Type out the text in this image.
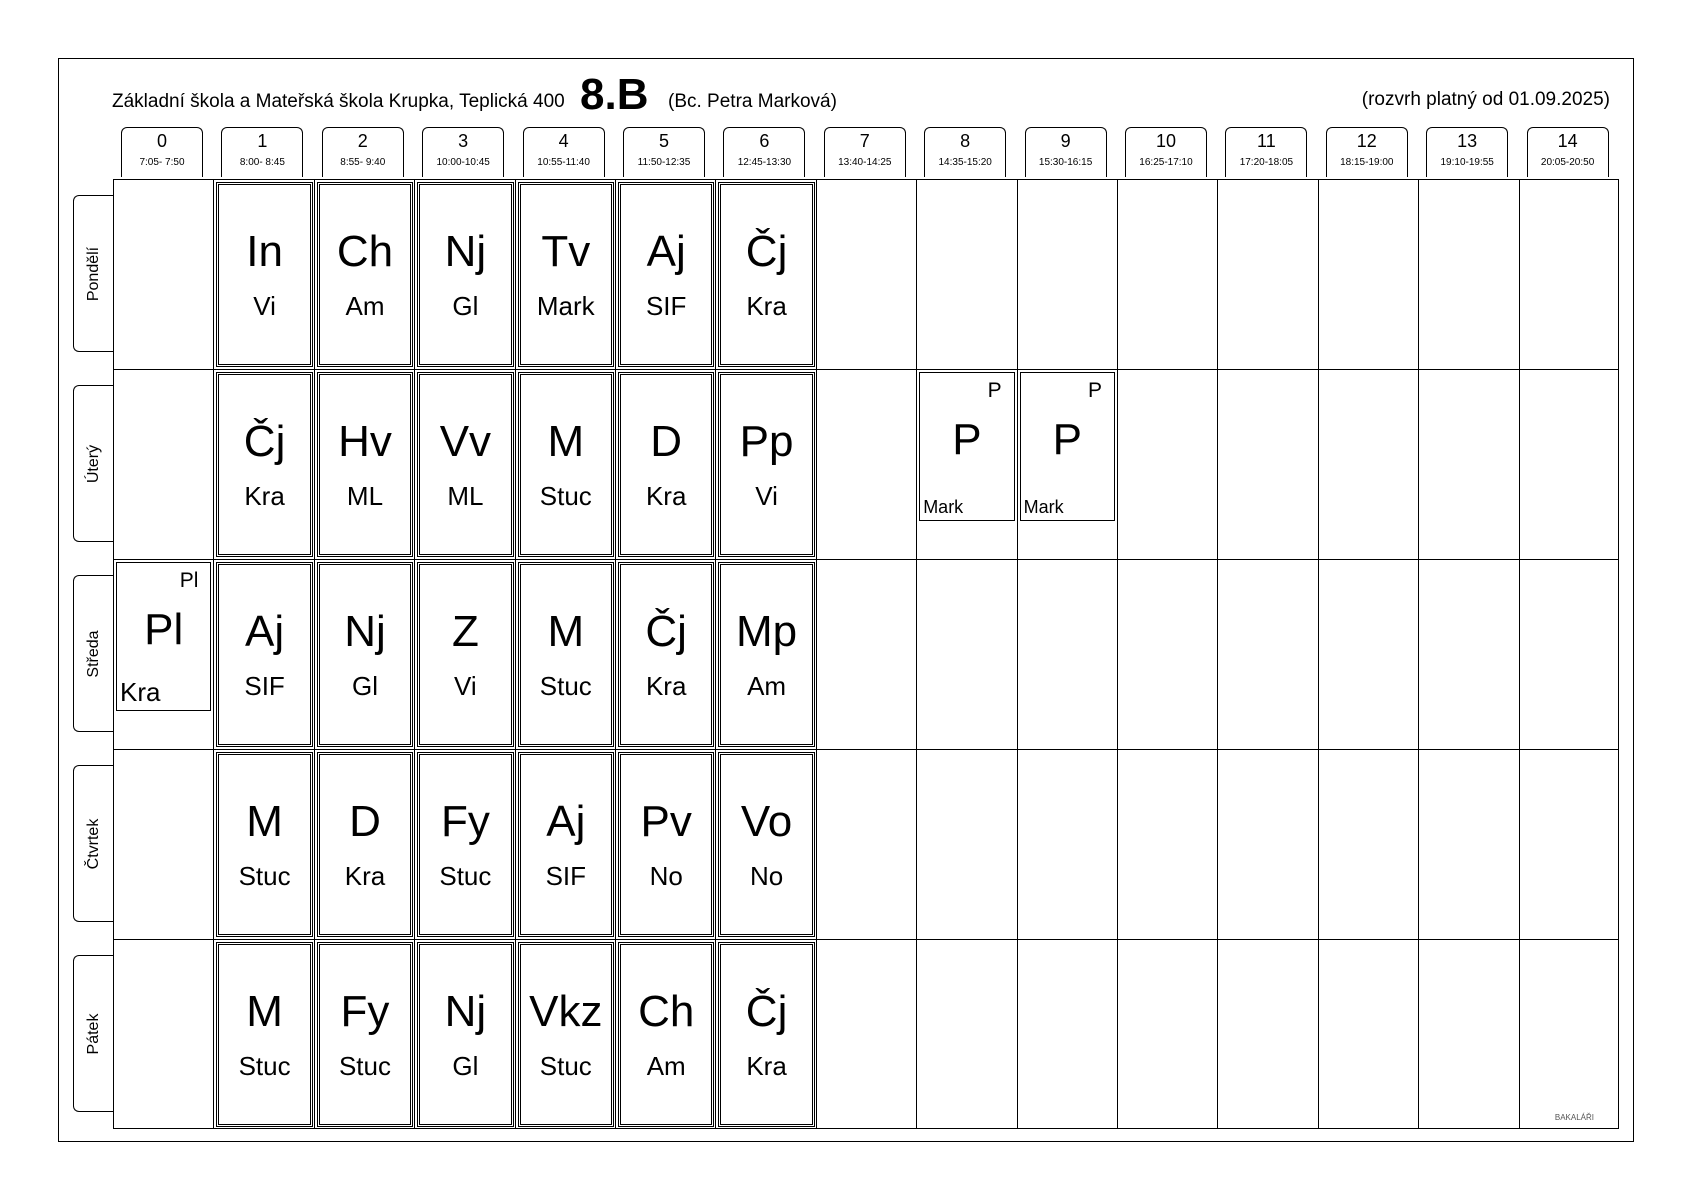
Základní škola a Mateřská škola Krupka, Teplická 400 8.B (Bc. Petra Marková)	(rozvrh platný od 01.09.2025)
0
7:05- 7:50
1
8:00- 8:45
2
8:55- 9:40
3
10:00-10:45
4
10:55-11:40
5
11:50-12:35
6
12:45-13:30
7
13:40-14:25
8
14:35-15:20
9
15:30-16:15
10
16:25-17:10
11
17:20-18:05
12
18:15-19:00
13
19:10-19:55
14
20:05-20:50
Pondělí
Úterý
Středa
Čtvrtek
Pátek
BAKALÁŘI
In
Vi
Ch
Am
Nj
Gl
Tv
Mark
Aj
SIF
Čj
Kra
Čj
Kra
Hv
ML
Vv
ML
M
Stuc
D
Kra
Pp
Vi
Aj
SIF
Nj
Gl
Z
Vi
M
Stuc
Čj
Kra
Mp
Am
M
Stuc
D
Kra
Fy
Stuc
Aj
SIF
Pv
No
Vo
No
M
Stuc
Fy
Stuc
Nj
Gl
Vkz
Stuc
Ch
Am
Čj
Kra
P
P
Mark
P
P
Mark
Pl
Pl
Kra
